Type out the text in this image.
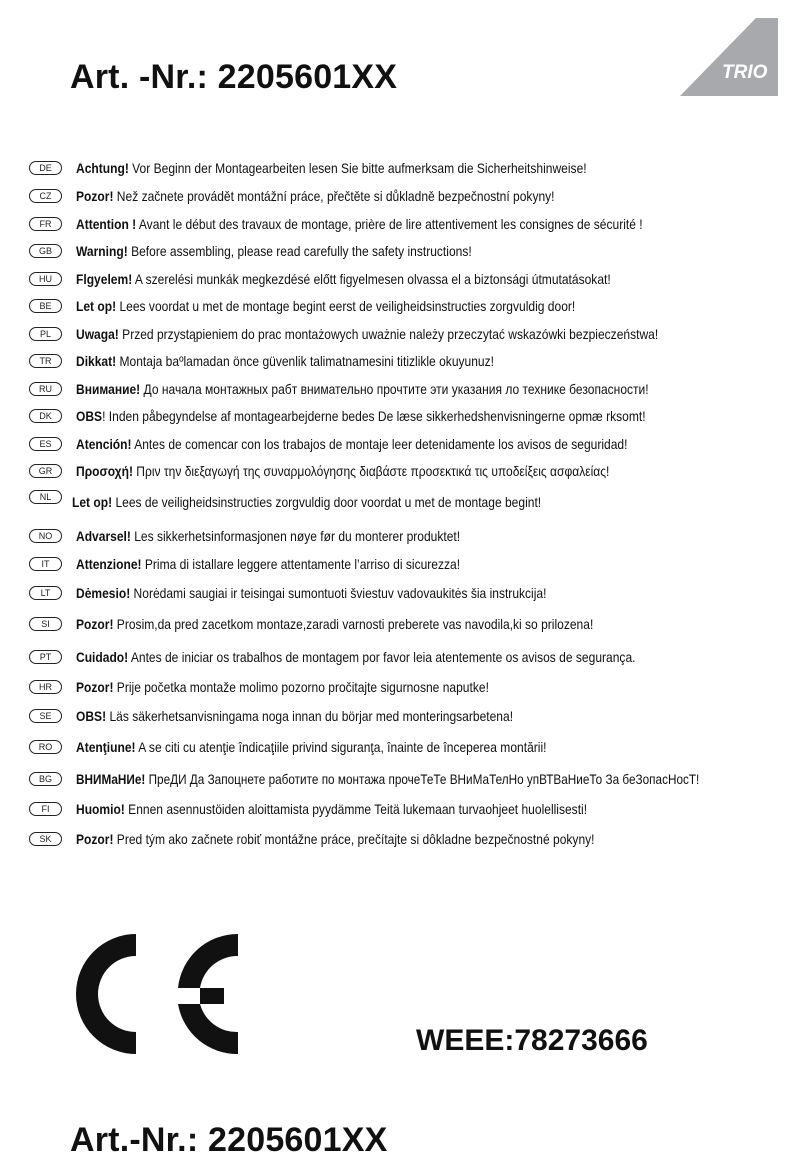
Art. -Nr.: 2205601XX	TRIO
DE	Achtung! Vor Beginn der Montagearbeiten lesen Sie bitte aufmerksam die Sicherheitshinweise!
CZ	Pozor! Než začnete provádět montážní práce, přečtěte si důkladně bezpečnostní pokyny!
FR	Attention ! Avant le début des travaux de montage, prière de lire attentivement les consignes de sécurité !
GB	Warning! Before assembling, please read carefully the safety instructions!
HU	Flgyelem! A szerelési munkák megkezdésé előtt figyelmesen olvassa el a biztonsági útmutatásokat!
BE	Let op! Lees voordat u met de montage begint eerst de veiligheidsinstructies zorgvuldig door!
PL	Uwaga! Przed przystąpieniem do prac montażowych uważnie należy przeczytać wskazówki bezpieczeństwa!
TR	Dikkat! Montaja baºlamadan önce güvenlik talimatnamesini titizlikle okuyunuz!
RU	Внимание! До начала монтажных рабт внимательно прочтите эти указания ло технике безопасности!
DK	OBS! Inden påbegyndelse af montagearbejderne bedes De læse sikkerhedshenvisningerne opmæ rksomt!
ES	Atención! Antes de comencar con los trabajos de montaje leer detenidamente los avisos de seguridad!
GR	Προσοχή! Πριν την διεξαγωγή της συναρμολόγησης διαβάστε προσεκτικά τις υποδείξεις ασφαλείας!
NL	Let op! Lees de veiligheidsinstructies zorgvuldig door voordat u met de montage begint!
NO	Advarsel! Les sikkerhetsinformasjonen nøye før du monterer produktet!
IT	Attenzione! Prima di istallare leggere attentamente l’arriso di sicurezza!
LT	Dėmesio! Norėdami saugiai ir teisingai sumontuoti šviestuv vadovaukitės šia instrukcija!
SI	Pozor! Prosim,da pred zacetkom montaze,zaradi varnosti preberete vas navodila,ki so prilozena!
PT	Cuidado! Antes de iniciar os trabalhos de montagem por favor leia atentemente os avisos de segurança.
HR	Pozor! Prije početka montaže molimo pozorno pročitajte sigurnosne naputke!
SE	OBS! Läs säkerhetsanvisningama noga innan du börjar med monteringsarbetena!
RO	Atenţiune! A se citi cu atenţie îndicaţiile privind siguranţa, înainte de începerea montării!
BG	ВНИМаНИе! ПреДИ Да Запоцнете работите по монтажа прочеТеТе ВНиМаТелНо упВТВаНиеТо За беЗопасНосТ!
FI	Huomio! Ennen asennustöiden aloittamista pyydämme Teitä lukemaan turvaohjeet huolellisesti!
SK	Pozor! Pred tým ako začnete robiť montážne práce, prečítajte si dôkladne bezpečnostné pokyny!
WEEE:78273666
Art.-Nr.: 2205601XX
